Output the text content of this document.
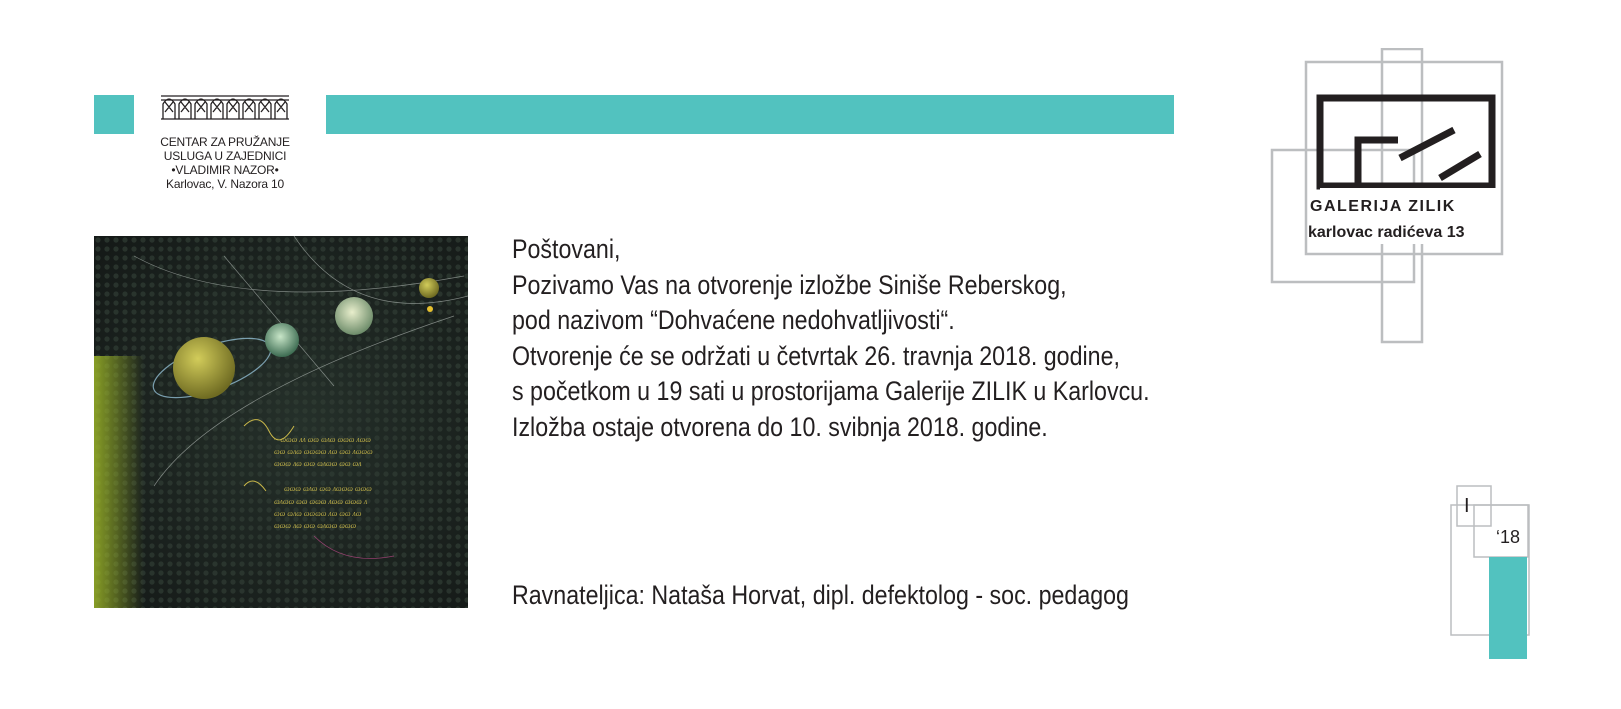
CENTAR ZA PRUŽANJE
USLUGA U ZAJEDNICI
•VLADIMIR NAZOR•
Karlovac, V. Nazora 10
~ ɷɷɷ ᴧᴧ ɷɷ ɷᴧɷ ɷɷɷ ᴧɷɷ
ɷɷ ɷᴧɷ ɷɷɷɷ ᴧɷ ɷɷ ᴧɷɷɷ
ɷɷɷ ᴧɷ ɷɷ ɷᴧɷɷ ɷɷ ɷᴧ
ɷɷɷ ɷᴧɷ ɷɷ ᴧɷɷɷ ɷɷɷ
ɷᴧɷɷ ɷɷ ɷɷɷ ᴧɷɷ ɷɷɷ ᴧ
ɷɷ ɷᴧɷ ɷɷɷɷ ᴧɷ ɷɷ ᴧɷ
ɷɷɷ ᴧɷ ɷɷ ɷᴧɷɷ ɷɷɷ
Poštovani,
Pozivamo Vas na otvorenje izložbe Siniše Reberskog,
pod nazivom “Dohvaćene nedohvatljivosti“.
Otvorenje će se održati u četvrtak 26. travnja 2018. godine,
s početkom u 19 sati u prostorijama Galerije ZILIK u Karlovcu.
Izložba ostaje otvorena do 10. svibnja 2018. godine.
Ravnateljica: Nataša Horvat, dipl. defektolog - soc. pedagog
GALERIJA ZILIK
karlovac radićeva 13
I
‘18
